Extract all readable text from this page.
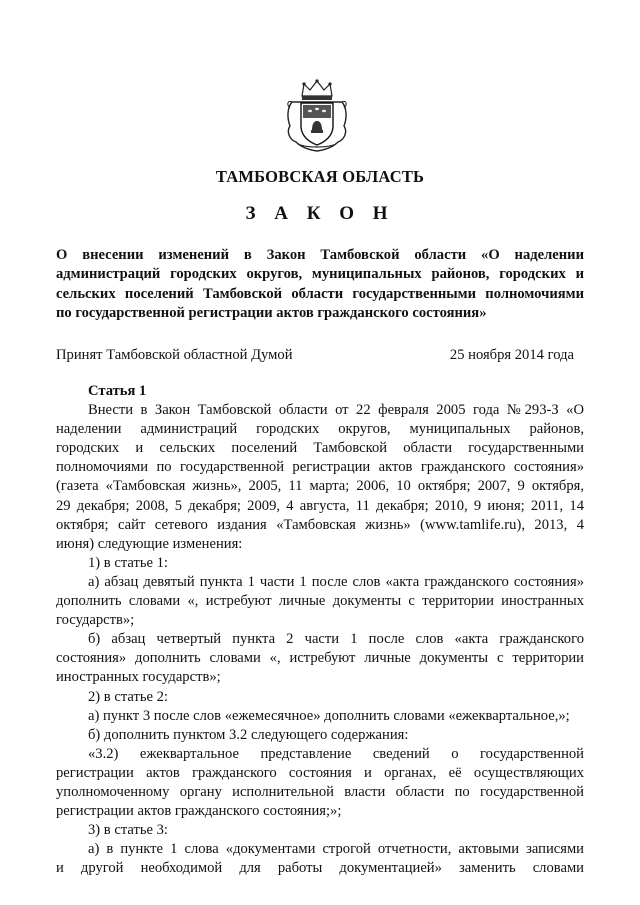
ТАМБОВСКАЯ ОБЛАСТЬ
З А К О Н
О внесении изменений в Закон Тамбовской области «О наделении
администраций городских округов, муниципальных районов, городских и
сельских поселений Тамбовской области государственными полномочиями
по государственной регистрации актов гражданского состояния»
Принят Тамбовской областной Думой	25 ноября 2014 года
Статья 1
Внести в Закон Тамбовской области от 22 февраля 2005 года №293-З «О
наделении администраций городских округов, муниципальных районов,
городских и сельских поселений Тамбовской области государственными
полномочиями по государственной регистрации актов гражданского состояния»
(газета «Тамбовская жизнь», 2005, 11 марта; 2006, 10 октября; 2007, 9 октября,
29 декабря; 2008, 5 декабря; 2009, 4 августа, 11 декабря; 2010, 9 июня; 2011, 14
октября; сайт сетевого издания «Тамбовская жизнь» (www.tamlife.ru), 2013, 4
июня) следующие изменения:
1) в статье 1:
а) абзац девятый пункта 1 части 1 после слов «акта гражданского состояния»
дополнить словами «, истребуют личные документы с территории иностранных
государств»;
б) абзац четвертый пункта 2 части 1 после слов «акта гражданского
состояния» дополнить словами «, истребуют личные документы с территории
иностранных государств»;
2) в статье 2:
а) пункт 3 после слов «ежемесячное» дополнить словами «ежеквартальное,»;
б) дополнить пунктом 3.2 следующего содержания:
«3.2) ежеквартальное представление сведений о государственной
регистрации актов гражданского состояния и органах, её осуществляющих
уполномоченному органу исполнительной власти области по государственной
регистрации актов гражданского состояния;»;
3) в статье 3:
а) в пункте 1 слова «документами строгой отчетности, актовыми записями
и другой необходимой для работы документацией» заменить словами
